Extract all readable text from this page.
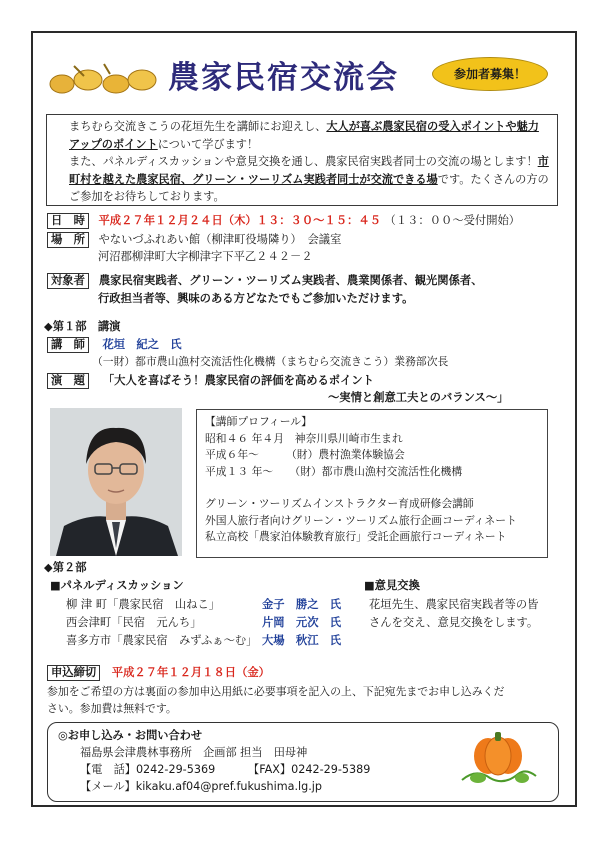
農家民宿交流会	参加者募集！
まちむら交流きこうの花垣先生を講師にお迎えし、大人が喜ぶ農家民宿の受入ポイントや魅力アップのポイントについて学びます！
また、パネルディスカッションや意見交換を通し、農家民宿実践者同士の交流の場とします！市町村を越えた農家民宿、グリーン・ツーリズム実践者同士が交流できる場です。たくさんの方のご参加をお待ちしております。
日　時 平成２７年１２月２４日（木）１３：３０～１５：４５ （１３：００～受付開始）
場　所 やないづふれあい館（柳津町役場隣り）　会議室
河沼郡柳津町大字柳津字下平乙２４２－２
対象者 農家民宿実践者、グリーン・ツーリズム実践者、農業関係者、観光関係者、
行政担当者等、興味のある方どなたでもご参加いただけます。
◆第１部　講演
講　師 花垣　紀之　氏
（一財）都市農山漁村交流活性化機構（まちむら交流きこう）業務部次長
演　題 「大人を喜ばそう！農家民宿の評価を高めるポイント
～実情と創意工夫とのバランス～」
【講師プロフィール】
昭和４６ 年４月　神奈川県川崎市生まれ
平成６年～　　　（財）農村漁業体験協会
平成１３ 年～　　（財）都市農山漁村交流活性化機構
グリーン・ツーリズムインストラクター育成研修会講師
外国人旅行者向けグリーン・ツーリズム旅行企画コーディネート
私立高校「農家泊体験教育旅行」受託企画旅行コーディネート
◆第２部
■パネルディスカッション
柳 津 町「農家民宿　山ねこ」	金子　勝之　氏
西会津町「民宿　元んち」	片岡　元次　氏
喜多方市「農家民宿　みずふぁ～む」 大場　秋江　氏
■意見交換
花垣先生、農家民宿実践者等の皆
さんを交え、意見交換をします。
申込締切 平成２７年１２月１８日（金）
参加をご希望の方は裏面の参加申込用紙に必要事項を記入の上、下記宛先までお申し込みくだ
さい。参加費は無料です。
◎お申し込み・お問い合わせ
福島県会津農林事務所　企画部 担当　田母神
【電　話】0242-29-5369	【FAX】0242-29-5389
【メール】kikaku.af04@pref.fukushima.lg.jp
